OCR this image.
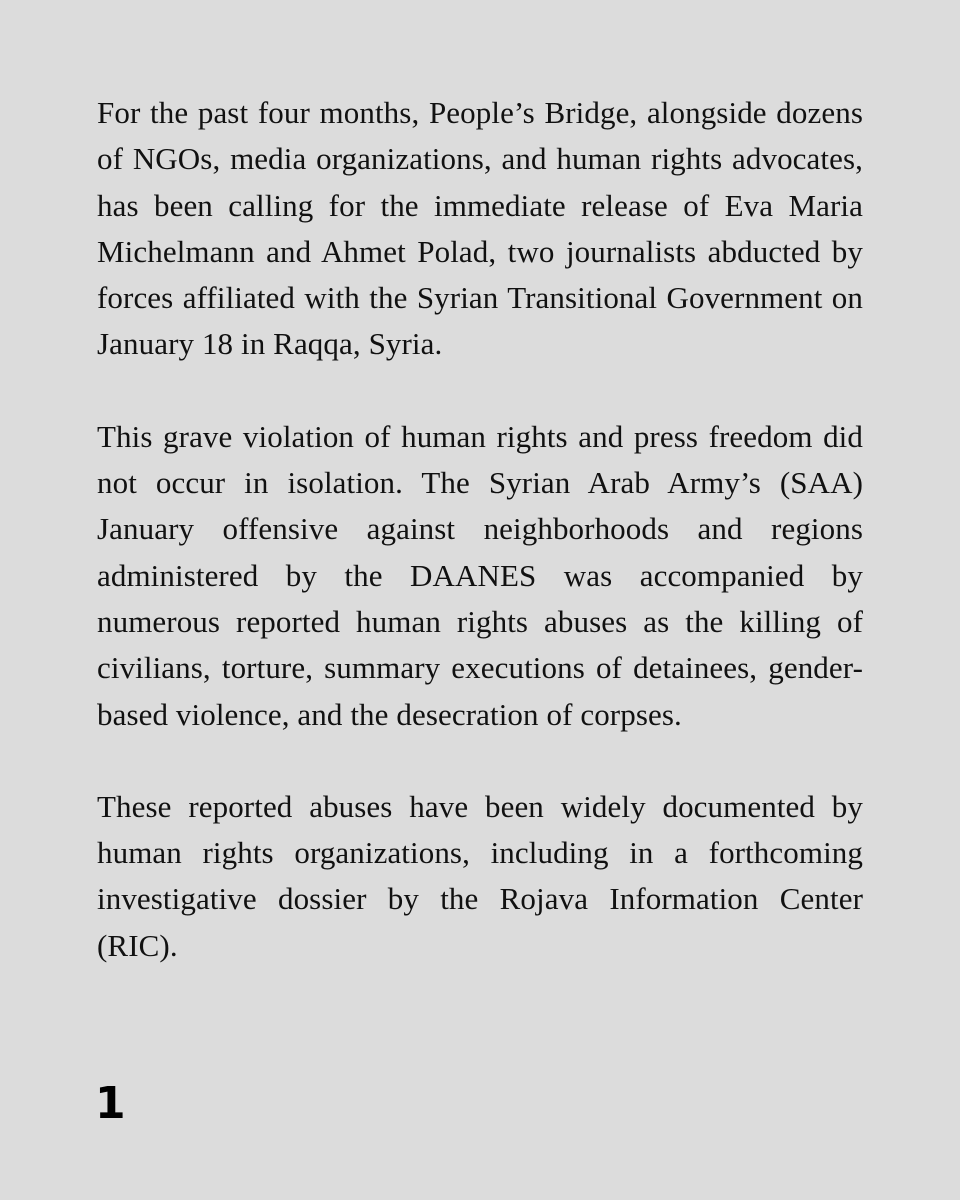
For the past four months, People’s Bridge, alongside dozens of NGOs, media organizations, and human rights advocates, has been calling for the immediate release of Eva Maria Michelmann and Ahmet Polad, two journalists abducted by forces affiliated with the Syrian Transitional Government on January 18 in Raqqa, Syria.

This grave violation of human rights and press freedom did not occur in isolation. The Syrian Arab Army’s (SAA) January offensive against neighborhoods and regions administered by the DAANES was accompanied by numerous reported human rights abuses as the killing of civilians, torture, summary executions of detainees, gender-based violence, and the desecration of corpses.

These reported abuses have been widely documented by human rights organizations, including in a forthcoming investigative dossier by the Rojava Information Center (RIC).

1
